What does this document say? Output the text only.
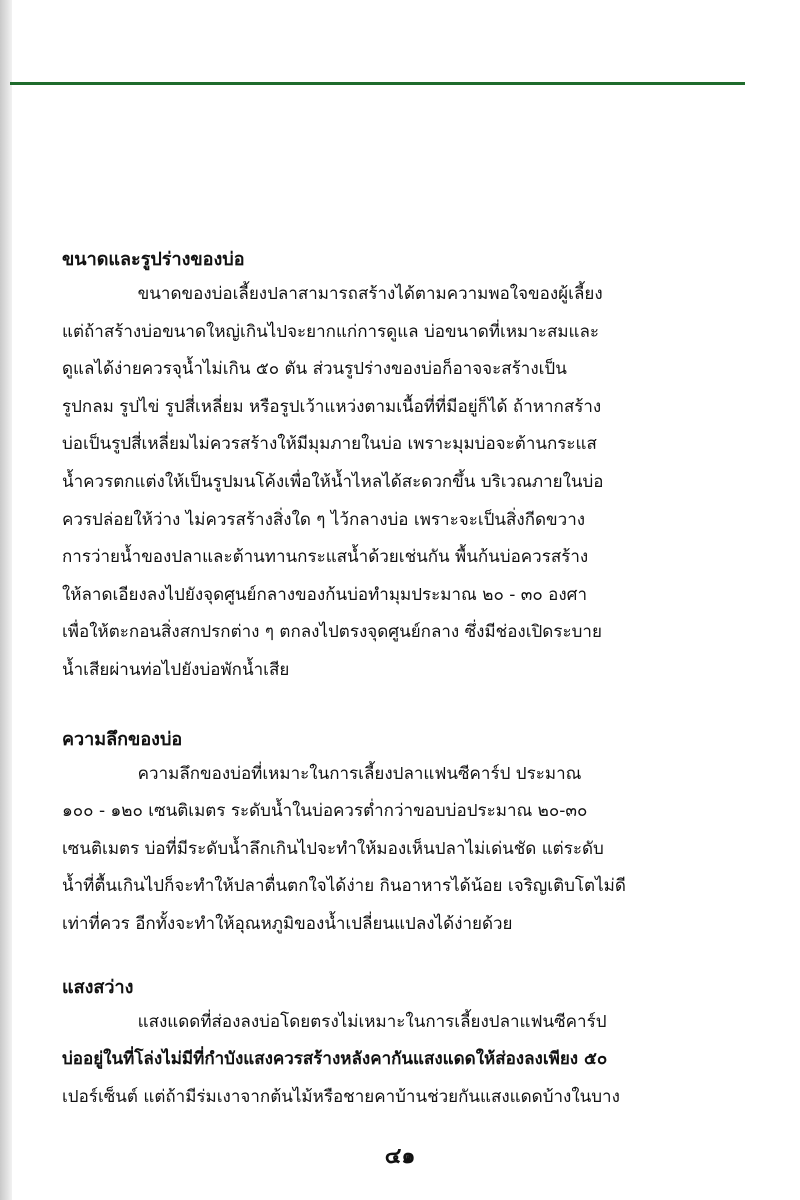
ขนาดและรูปร่างของบ่อ

ขนาดของบ่อเลี้ยงปลาสามารถสร้างได้ตามความพอใจของผู้เลี้ยง

แต่ถ้าสร้างบ่อขนาดใหญ่เกินไปจะยากแก่การดูแล บ่อขนาดที่เหมาะสมและ

ดูแลได้ง่ายควรจุน้ำไม่เกิน ๕๐ ตัน ส่วนรูปร่างของบ่อก็อาจจะสร้างเป็น

รูปกลม รูปไข่ รูปสี่เหลี่ยม หรือรูปเว้าแหว่งตามเนื้อที่ที่มีอยู่ก็ได้ ถ้าหากสร้าง

บ่อเป็นรูปสี่เหลี่ยมไม่ควรสร้างให้มีมุมภายในบ่อ เพราะมุมบ่อจะต้านกระแส

น้ำควรตกแต่งให้เป็นรูปมนโค้งเพื่อให้น้ำไหลได้สะดวกขึ้น บริเวณภายในบ่อ

ควรปล่อยให้ว่าง ไม่ควรสร้างสิ่งใด ๆ ไว้กลางบ่อ เพราะจะเป็นสิ่งกีดขวาง

การว่ายน้ำของปลาและต้านทานกระแสน้ำด้วยเช่นกัน พื้นก้นบ่อควรสร้าง

ให้ลาดเอียงลงไปยังจุดศูนย์กลางของก้นบ่อทำมุมประมาณ ๒๐ - ๓๐ องศา

เพื่อให้ตะกอนสิ่งสกปรกต่าง ๆ ตกลงไปตรงจุดศูนย์กลาง ซึ่งมีช่องเปิดระบาย

น้ำเสียผ่านท่อไปยังบ่อพักน้ำเสีย

ความลึกของบ่อ

ความลึกของบ่อที่เหมาะในการเลี้ยงปลาแฟนซีคาร์ป ประมาณ

๑๐๐ - ๑๒๐ เซนติเมตร ระดับน้ำในบ่อควรต่ำกว่าขอบบ่อประมาณ ๒๐-๓๐

เซนติเมตร บ่อที่มีระดับน้ำลึกเกินไปจะทำให้มองเห็นปลาไม่เด่นชัด แต่ระดับ

น้ำที่ตื้นเกินไปก็จะทำให้ปลาตื่นตกใจได้ง่าย กินอาหารได้น้อย เจริญเติบโตไม่ดี

เท่าที่ควร อีกทั้งจะทำให้อุณหภูมิของน้ำเปลี่ยนแปลงได้ง่ายด้วย

แสงสว่าง

แสงแดดที่ส่องลงบ่อโดยตรงไม่เหมาะในการเลี้ยงปลาแฟนซีคาร์ป

บ่ออยู่ในที่โล่งไม่มีที่กำบังแสงควรสร้างหลังคากันแสงแดดให้ส่องลงเพียง ๕๐

เปอร์เซ็นต์ แต่ถ้ามีร่มเงาจากต้นไม้หรือชายคาบ้านช่วยกันแสงแดดบ้างในบาง

๔๑
